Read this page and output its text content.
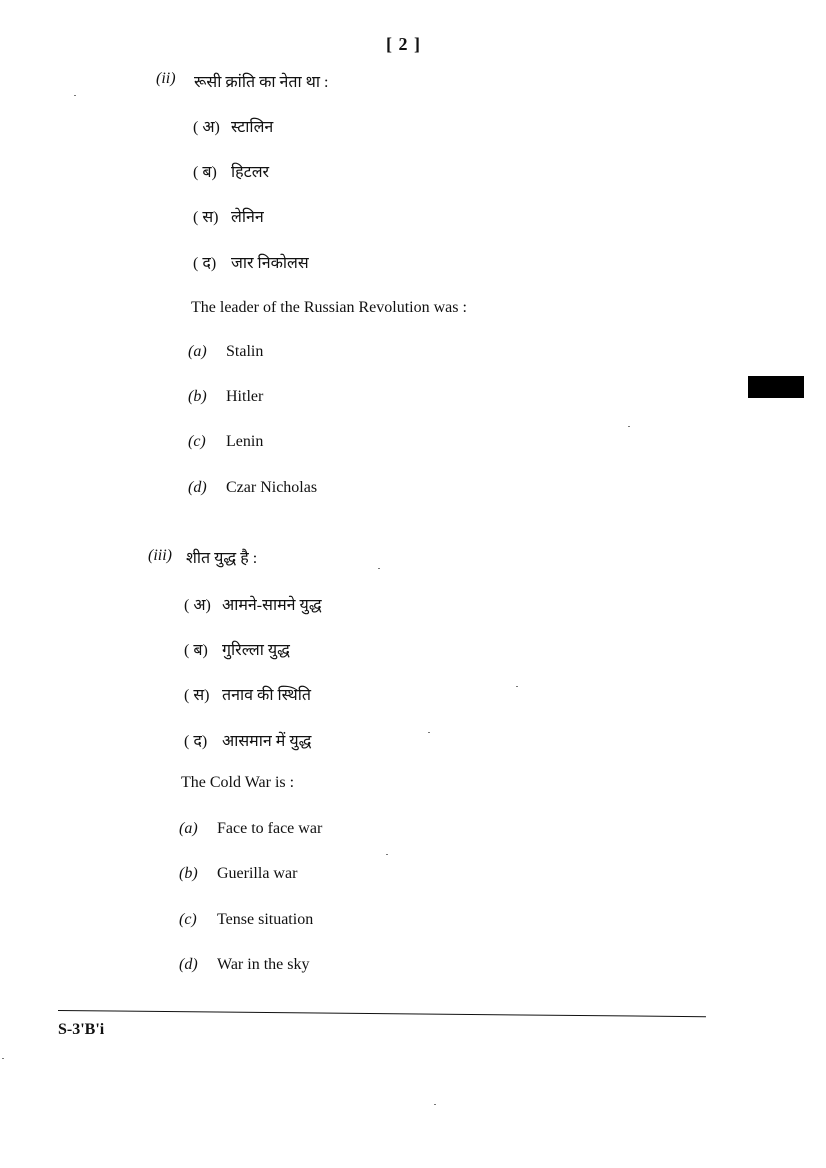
[ 2 ]
(ii) रूसी क्रांति का नेता था :
( अ) स्टालिन
( ब) हिटलर
( स) लेनिन
( द) जार निकोलस
The leader of the Russian Revolution was :
(a) Stalin
(b) Hitler
(c) Lenin
(d) Czar Nicholas
(iii) शीत युद्ध है :
( अ) आमने-सामने युद्ध
( ब) गुरिल्ला युद्ध
( स) तनाव की स्थिति
( द) आसमान में युद्ध
The Cold War is :
(a) Face to face war
(b) Guerilla war
(c) Tense situation
(d) War in the sky
S-3'B'i
